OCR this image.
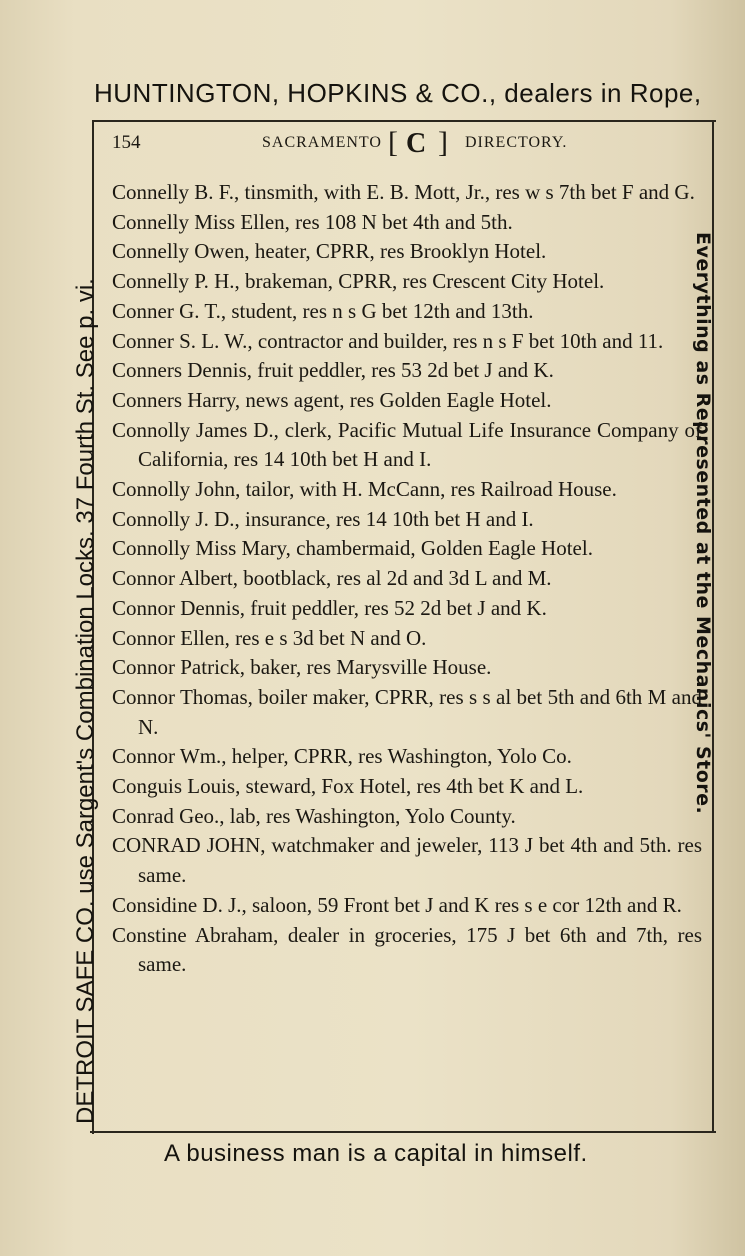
HUNTINGTON, HOPKINS & CO., dealers in Rope,
154	SACRAMENTO [ C ] DIRECTORY.
Connelly B. F., tinsmith, with E. B. Mott, Jr., res w s 7th bet F and G.
Connelly Miss Ellen, res 108 N bet 4th and 5th.
Connelly Owen, heater, CPRR, res Brooklyn Hotel.
Connelly P. H., brakeman, CPRR, res Crescent City Hotel.
Conner G. T., student, res n s G bet 12th and 13th.
Conner S. L. W., contractor and builder, res n s F bet 10th and 11.
Conners Dennis, fruit peddler, res 53 2d bet J and K.
Conners Harry, news agent, res Golden Eagle Hotel.
Connolly James D., clerk, Pacific Mutual Life Insurance Company of California, res 14 10th bet H and I.
Connolly John, tailor, with H. McCann, res Railroad House.
Connolly J. D., insurance, res 14 10th bet H and I.
Connolly Miss Mary, chambermaid, Golden Eagle Hotel.
Connor Albert, bootblack, res al 2d and 3d L and M.
Connor Dennis, fruit peddler, res 52 2d bet J and K.
Connor Ellen, res e s 3d bet N and O.
Connor Patrick, baker, res Marysville House.
Connor Thomas, boiler maker, CPRR, res s s al bet 5th and 6th M and N.
Connor Wm., helper, CPRR, res Washington, Yolo Co.
Conguis Louis, steward, Fox Hotel, res 4th bet K and L.
Conrad Geo., lab, res Washington, Yolo County.
CONRAD JOHN, watchmaker and jeweler, 113 J bet 4th and 5th. res same.
Considine D. J., saloon, 59 Front bet J and K res s e cor 12th and R.
Constine Abraham, dealer in groceries, 175 J bet 6th and 7th, res same.
DETROIT SAFE CO. use Sargent's Combination Locks. 37 Fourth St. See p. vi.	Everything as Represented at the Mechanics' Store.
A business man is a capital in himself.
